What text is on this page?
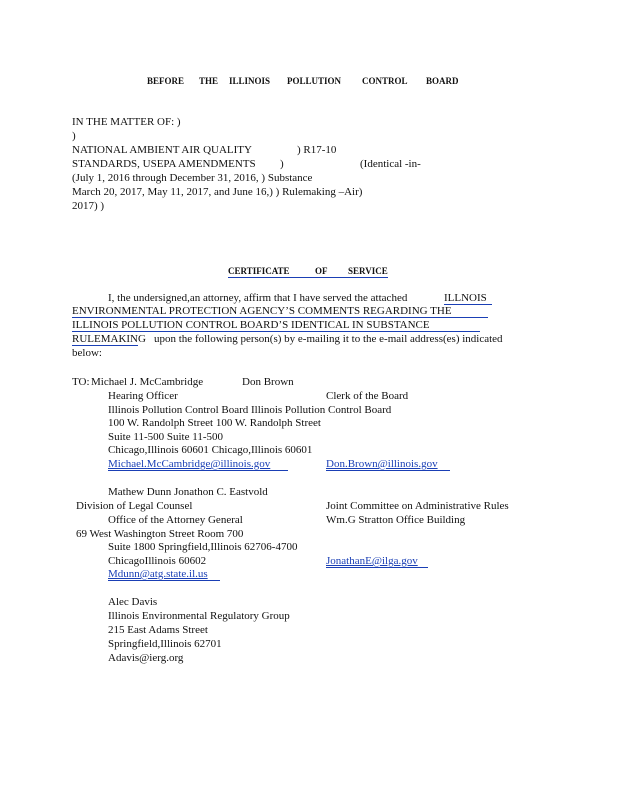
BEFORE THE ILLINOIS POLLUTION CONTROL BOARD
IN THE MATTER OF: )
)
NATIONAL AMBIENT AIR QUALITY	) R17-10
STANDARDS, USEPA AMENDMENTS )	(Identical -in-
(July 1, 2016 through December 31, 2016, ) Substance
March 20, 2017, May 11, 2017, and June 16,) ) Rulemaking –Air)
2017) )
CERTIFICATE	OF SERVICE
I, the undersigned,an attorney, affirm that I have served the attached	ILLNOIS
ENVIRONMENTAL PROTECTION AGENCY’S COMMENTS REGARDING THE
ILLINOIS POLLUTION CONTROL BOARD’S IDENTICAL IN SUBSTANCE
RULEMAKING upon the following person(s) by e-mailing it to the e-mail address(es) indicated
below:
TO: Michael J. McCambridge	Don Brown
Hearing Officer	Clerk of the Board
Illinois Pollution Control Board Illinois Pollution Control Board
100 W. Randolph Street 100 W. Randolph Street
Suite 11-500 Suite 11-500
Chicago,Illinois 60601 Chicago,Illinois 60601
Michael.McCambridge@illinois.gov	Don.Brown@illinois.gov
Mathew Dunn Jonathon C. Eastvold
Division of Legal Counsel	Joint Committee on Administrative Rules
Office of the Attorney General	Wm.G Stratton Office Building
69 West Washington Street Room 700
Suite 1800 Springfield,Illinois 62706-4700
ChicagoIllinois 60602	JonathanE@ilga.gov
Mdunn@atg.state.il.us
Alec Davis
Illinois Environmental Regulatory Group
215 East Adams Street
Springfield,Illinois 62701
Adavis@ierg.org
